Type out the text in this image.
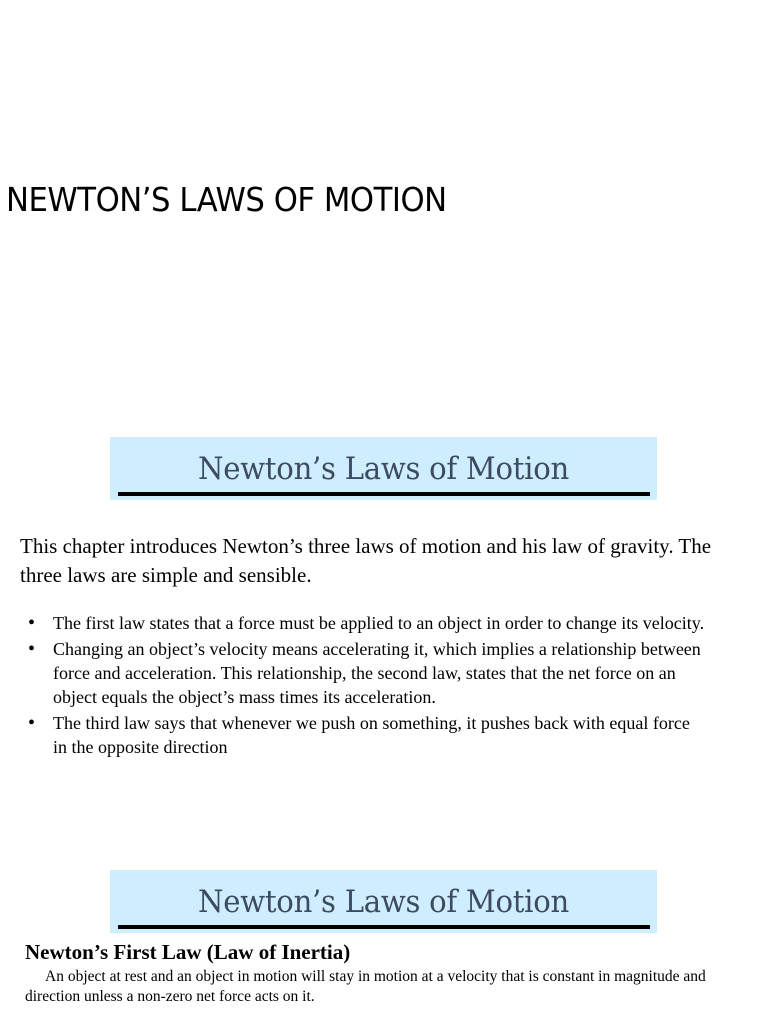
NEWTON’S LAWS OF MOTION
Newton’s Laws of Motion
This chapter introduces Newton’s three laws of motion and his law of gravity. The three laws are simple and sensible.
• The first law states that a force must be applied to an object in order to change its velocity.
• Changing an object’s velocity means accelerating it, which implies a relationship between force and acceleration. This relationship, the second law, states that the net force on an object equals the object’s mass times its acceleration.
• The third law says that whenever we push on something, it pushes back with equal force in the opposite direction
Newton’s Laws of Motion
Newton’s First Law (Law of Inertia)
An object at rest and an object in motion will stay in motion at a velocity that is constant in magnitude and direction unless a non-zero net force acts on it.
